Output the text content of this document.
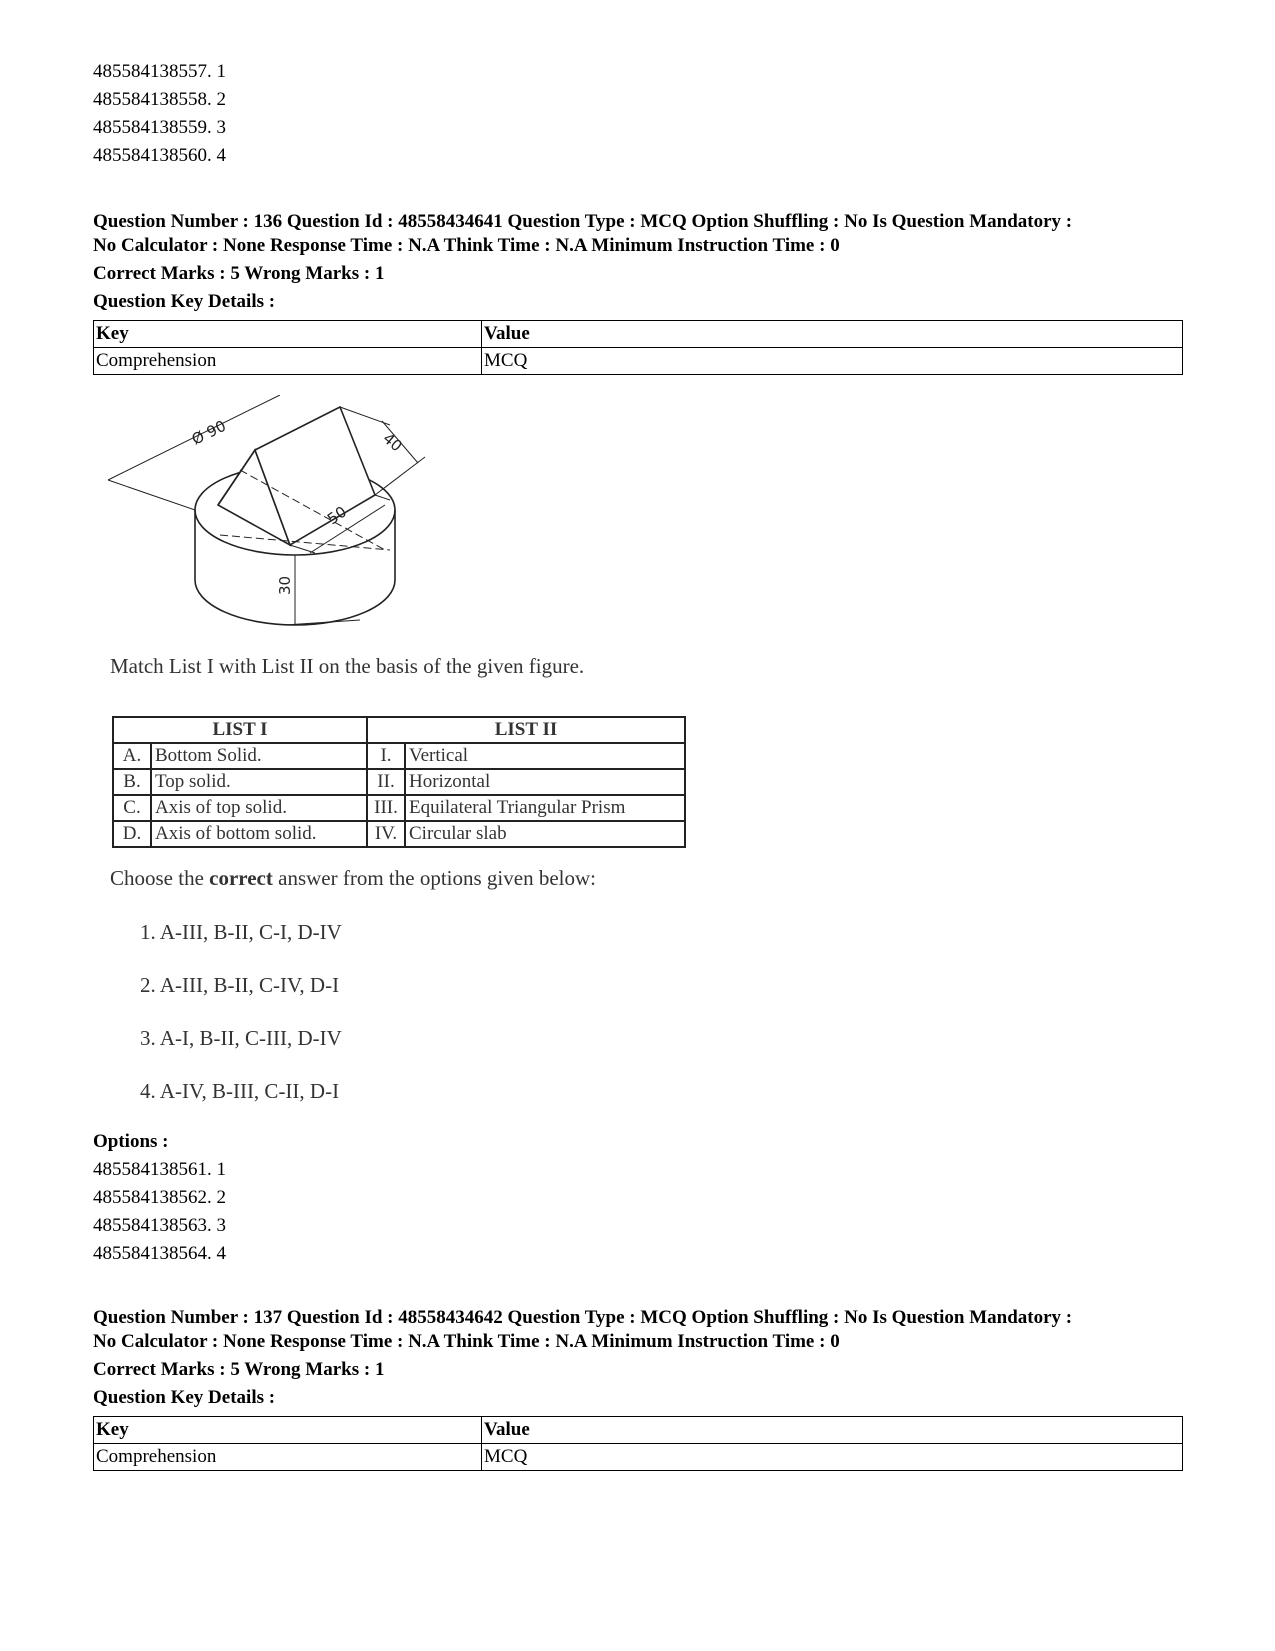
485584138557. 1
485584138558. 2
485584138559. 3
485584138560. 4
Question Number : 136 Question Id : 48558434641 Question Type : MCQ Option Shuffling : No Is Question Mandatory :
No Calculator : None Response Time : N.A Think Time : N.A Minimum Instruction Time : 0
Correct Marks : 5 Wrong Marks : 1
Question Key Details :
Key	Value
Comprehension	MCQ
Ø 90	40
50
30
Match List I with List II on the basis of the given figure.
LIST I		LIST II	
A.	Bottom Solid.	I.	Vertical
B.	Top solid.	II.	Horizontal
C.	Axis of top solid.	III.	Equilateral Triangular Prism
D.	Axis of bottom solid.	IV.	Circular slab
Choose the correct answer from the options given below:
1. A-III, B-II, C-I, D-IV
2. A-III, B-II, C-IV, D-I
3. A-I, B-II, C-III, D-IV
4. A-IV, B-III, C-II, D-I
Options :
485584138561. 1
485584138562. 2
485584138563. 3
485584138564. 4
Question Number : 137 Question Id : 48558434642 Question Type : MCQ Option Shuffling : No Is Question Mandatory :
No Calculator : None Response Time : N.A Think Time : N.A Minimum Instruction Time : 0
Correct Marks : 5 Wrong Marks : 1
Question Key Details :
Key	Value
Comprehension	MCQ
